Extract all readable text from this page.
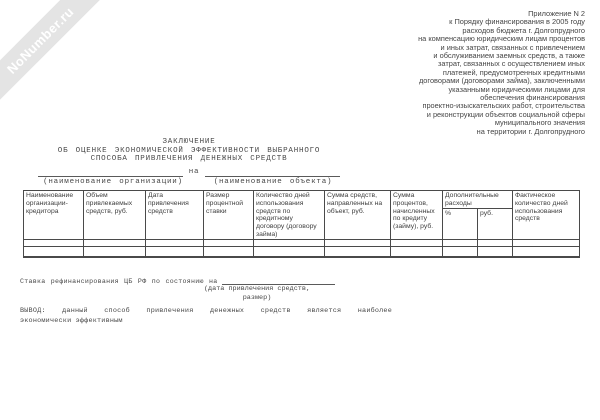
NoNumber.ru	Приложение N 2
к Порядку финансирования в 2005 году
расходов бюджета г. Долгопрудного
на компенсацию юридическим лицам процентов
и иных затрат, связанных с привлечением
и обслуживанием заемных средств, а также
затрат, связанных с осуществлением иных
платежей, предусмотренных кредитными
договорами (договорами займа), заключенными
указанными юридическими лицами для
обеспечения финансирования
проектно-изыскательских работ, строительства
и реконструкции объектов социальной сферы
муниципального значения
на территории г. Долгопрудного
ЗАКЛЮЧЕНИЕ
ОБ ОЦЕНКЕ ЭКОНОМИЧЕСКОЙ ЭФФЕКТИВНОСТИ ВЫБРАННОГО
СПОСОБА ПРИВЛЕЧЕНИЯ ДЕНЕЖНЫХ СРЕДСТВ
на
(наименование организации)	(наименование объекта)
Наименование организации-кредитора	Объем привлекаемых средств, руб.	Дата привлечения средств	Размер процентной ставки	Количество дней использования средств по кредитному договору (договору займа)	Сумма средств, направленных на объект, руб.	Сумма процентов, начисленных по кредиту (займу), руб.	Дополнительные расходы		Фактическое количество дней использования средств
							%	руб.	

Ставка рефинансирования ЦБ РФ по состоянию на
(дата привлечения средств,
размер)
ВЫВОД: данный способ привлечения денежных средств является наиболее
экономически эффективным
